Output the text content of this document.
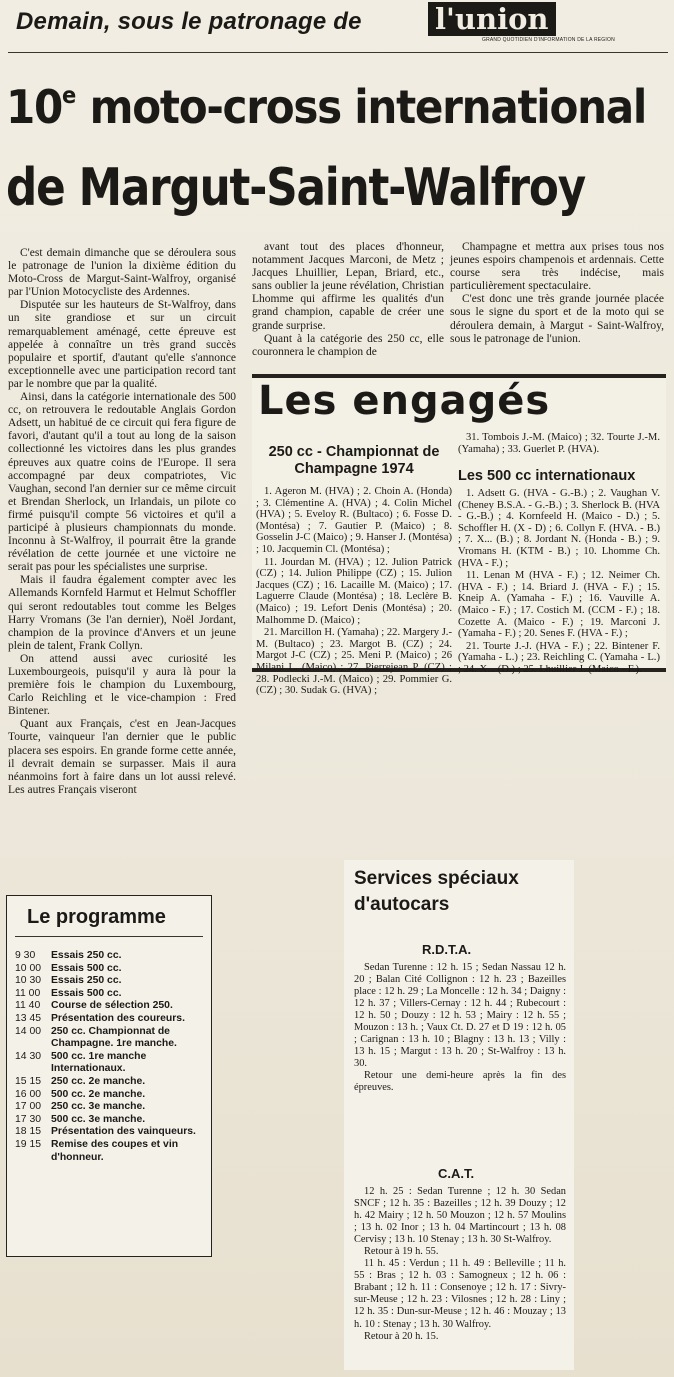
Demain, sous le patronage de	l'union
GRAND QUOTIDIEN D'INFORMATION DE LA REGION
10e moto-cross international
de Margut-Saint-Walfroy

C'est demain dimanche que se déroulera sous le patronage de l'union la dixième édition du Moto-Cross de Margut-Saint-Walfroy, organisé par l'Union Motocycliste des Ardennes.

Disputée sur les hauteurs de St-Walfroy, dans un site grandiose et sur un circuit remarquablement aménagé, cette épreuve est appelée à connaître un très grand succès populaire et sportif, d'autant qu'elle s'annonce exceptionnelle avec une participation record tant par le nombre que par la qualité.

Ainsi, dans la catégorie internationale des 500 cc, on retrouvera le redoutable Anglais Gordon Adsett, un habitué de ce circuit qui fera figure de favori, d'autant qu'il a tout au long de la saison collectionné les victoires dans les plus grandes épreuves aux quatre coins de l'Europe. Il sera accompagné par deux compatriotes, Vic Vaughan, second l'an dernier sur ce même circuit et Brendan Sherlock, un Irlandais, un pilote co firmé puisqu'il compte 56 victoires et qu'il a participé à plusieurs championnats du monde. Inconnu à St-Walfroy, il pourrait être la grande révélation de cette journée et une victoire ne serait pas pour les spécialistes une surprise.

Mais il faudra également compter avec les Allemands Kornfeld Harmut et Helmut Schoffler qui seront redoutables tout comme les Belges Harry Vromans (3e l'an dernier), Noël Jordant, champion de la province d'Anvers et un jeune plein de talent, Frank Collyn.

On attend aussi avec curiosité les Luxembourgeois, puisqu'il y aura là pour la première fois le champion du Luxembourg, Carlo Reichling et le vice-champion : Fred Bintener.

Quant aux Français, c'est en Jean-Jacques Tourte, vainqueur l'an dernier que le public placera ses espoirs. En grande forme cette année, il devrait demain se surpasser. Mais il aura néanmoins fort à faire dans un lot aussi relevé. Les autres Français viseront

avant tout des places d'honneur, notamment Jacques Marconi, de Metz ; Jacques Lhuillier, Lepan, Briard, etc., sans oublier la jeune révélation, Christian Lhomme qui affirme les qualités d'un grand champion, capable de créer une grande surprise.

Quant à la catégorie des 250 cc, elle couronnera le champion de

Champagne et mettra aux prises tous nos jeunes espoirs champenois et ardennais. Cette course sera très indécise, mais particulièrement spectaculaire.

C'est donc une très grande journée placée sous le signe du sport et de la moto qui se déroulera demain, à Margut - Saint-Walfroy, sous le patronage de l'union.

Les engagés
250 cc - Championnat de Champagne 1974

1. Ageron M. (HVA) ; 2. Choin A. (Honda) ; 3. Clémentine A. (HVA) ; 4. Colin Michel (HVA) ; 5. Eveloy R. (Bultaco) ; 6. Fosse D. (Montésa) ; 7. Gautier P. (Maico) ; 8. Gosselin J-C (Maico) ; 9. Hanser J. (Montésa) ; 10. Jacquemin Cl. (Montésa) ;

11. Jourdan M. (HVA) ; 12. Julion Patrick (CZ) ; 14. Julion Philippe (CZ) ; 15. Julion Jacques (CZ) ; 16. Lacaille M. (Maico) ; 17. Laguerre Claude (Montésa) ; 18. Leclère B. (Maico) ; 19. Lefort Denis (Montésa) ; 20. Malhomme D. (Maico) ;

21. Marcillon H. (Yamaha) ; 22. Margery J.-M. (Bultaco) ; 23. Margot B. (CZ) ; 24. Margot J-C (CZ) ; 25. Meni P. (Maico) ; 26 Milani L. (Maico) ; 27. Pierrejean P. (CZ) ; 28. Podlecki J.-M. (Maico) ; 29. Pommier G. (CZ) ; 30. Sudak G. (HVA) ;

31. Tombois J.-M. (Maico) ; 32. Tourte J.-M. (Yamaha) ; 33. Guerlet P. (HVA).

Les 500 cc internationaux

1. Adsett G. (HVA - G.-B.) ; 2. Vaughan V. (Cheney B.S.A. - G.-B.) ; 3. Sherlock B. (HVA - G.-B.) ; 4. Kornfeeld H. (Maico - D.) ; 5. Schoffler H. (X - D) ; 6. Collyn F. (HVA. - B.) ; 7. X... (B.) ; 8. Jordant N. (Honda - B.) ; 9. Vromans H. (KTM - B.) ; 10. Lhomme Ch. (HVA - F.) ;

11. Lenan M (HVA - F.) ; 12. Neimer Ch. (HVA - F.) ; 14. Briard J. (HVA - F.) ; 15. Kneip A. (Yamaha - F.) ; 16. Vauville A. (Maico - F.) ; 17. Costich M. (CCM - F.) ; 18. Cozette A. (Maico - F.) ; 19. Marconi J. (Yamaha - F.) ; 20. Senes F. (HVA - F.) ;

21. Tourte J.-J. (HVA - F.) ; 22. Bintener F. (Yamaha - L.) ; 23. Reichling C. (Yamaha - L.) ; 24. X... (D.) ; 25. Lhuillier J. (Maico - F.).

Le programme
9 30	Essais 250 cc.
10 00 Essais 500 cc.
10 30 Essais 250 cc.
11 00	Essais 500 cc.
11 40	Course de sélection 250.
13 45 Présentation des coureurs.
14 00 250 cc. Championnat de Champagne. 1re manche.
14 30 500 cc. 1re manche Internationaux.
15 15 250 cc. 2e manche.
16 00 500 cc. 2e manche.
17 00 250 cc. 3e manche.
17 30 500 cc. 3e manche.
18 15 Présentation des vainqueurs.
19 15 Remise des coupes et vin d'honneur.
Services spéciaux d'autocars
R.D.T.A.

Sedan Turenne : 12 h. 15 ; Sedan Nassau 12 h. 20 ; Balan Cité Collignon : 12 h. 23 ; Bazeilles place : 12 h. 29 ; La Moncelle : 12 h. 34 ; Daigny : 12 h. 37 ; Villers-Cernay : 12 h. 44 ; Rubecourt : 12 h. 50 ; Douzy : 12 h. 53 ; Mairy : 12 h. 55 ; Mouzon : 13 h. ; Vaux Ct. D. 27 et D 19 : 12 h. 05 ; Carignan : 13 h. 10 ; Blagny : 13 h. 13 ; Villy : 13 h. 15 ; Margut : 13 h. 20 ; St-Walfroy : 13 h. 30.

Retour une demi-heure après la fin des épreuves.

C.A.T.

12 h. 25 : Sedan Turenne ; 12 h. 30 Sedan SNCF ; 12 h. 35 : Bazeilles ; 12 h. 39 Douzy ; 12 h. 42 Mairy ; 12 h. 50 Mouzon ; 12 h. 57 Moulins ; 13 h. 02 Inor ; 13 h. 04 Martincourt ; 13 h. 08 Cervisy ; 13 h. 10 Stenay ; 13 h. 30 St-Walfroy.

Retour à 19 h. 55.

11 h. 45 : Verdun ; 11 h. 49 : Belleville ; 11 h. 55 : Bras ; 12 h. 03 : Samogneux ; 12 h. 06 : Brabant ; 12 h. 11 : Consenoye ; 12 h. 17 : Sivry-sur-Meuse ; 12 h. 23 : Vilosnes ; 12 h. 28 : Liny ; 12 h. 35 : Dun-sur-Meuse ; 12 h. 46 : Mouzay ; 13 h. 10 : Stenay ; 13 h. 30 Walfroy.

Retour à 20 h. 15.
